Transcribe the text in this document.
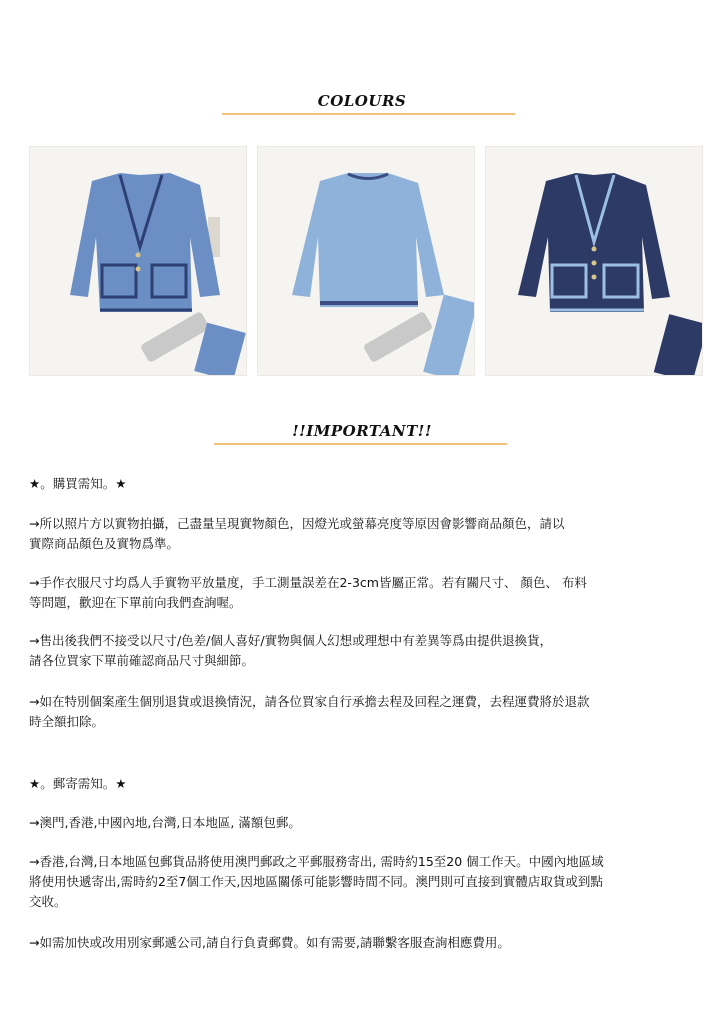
COLOURS
!!IMPORTANT!!
★。購買需知。★
→所以照片方以實物拍攝，己盡量呈現實物顏色，因燈光或螢幕亮度等原因會影響商品顏色，請以
實際商品顏色及實物爲準。
→手作衣服尺寸均爲人手實物平放量度，手工測量誤差在2-3cm皆屬正常。若有關尺寸、 顏色、 布料
等問題，歡迎在下單前向我們查詢喔。
→售出後我們不接受以尺寸/色差/個人喜好/實物與個人幻想或理想中有差異等爲由提供退換貨，
請各位買家下單前確認商品尺寸與細節。
→如在特別個案產生個別退貨或退換情況，請各位買家自行承擔去程及回程之運費，去程運費將於退款
時全額扣除。
★。郵寄需知。★
→澳門,香港,中國內地,台灣,日本地區, 滿額包郵。
→香港,台灣,日本地區包郵貨品將使用澳門郵政之平郵服務寄出, 需時約15至20 個工作天。中國內地區域
將使用快遞寄出,需時約2至7個工作天,因地區關係可能影響時間不同。澳門則可直接到實體店取貨或到點
交收。
→如需加快或改用別家郵遞公司,請自行負責郵費。如有需要,請聯繫客服查詢相應費用。
